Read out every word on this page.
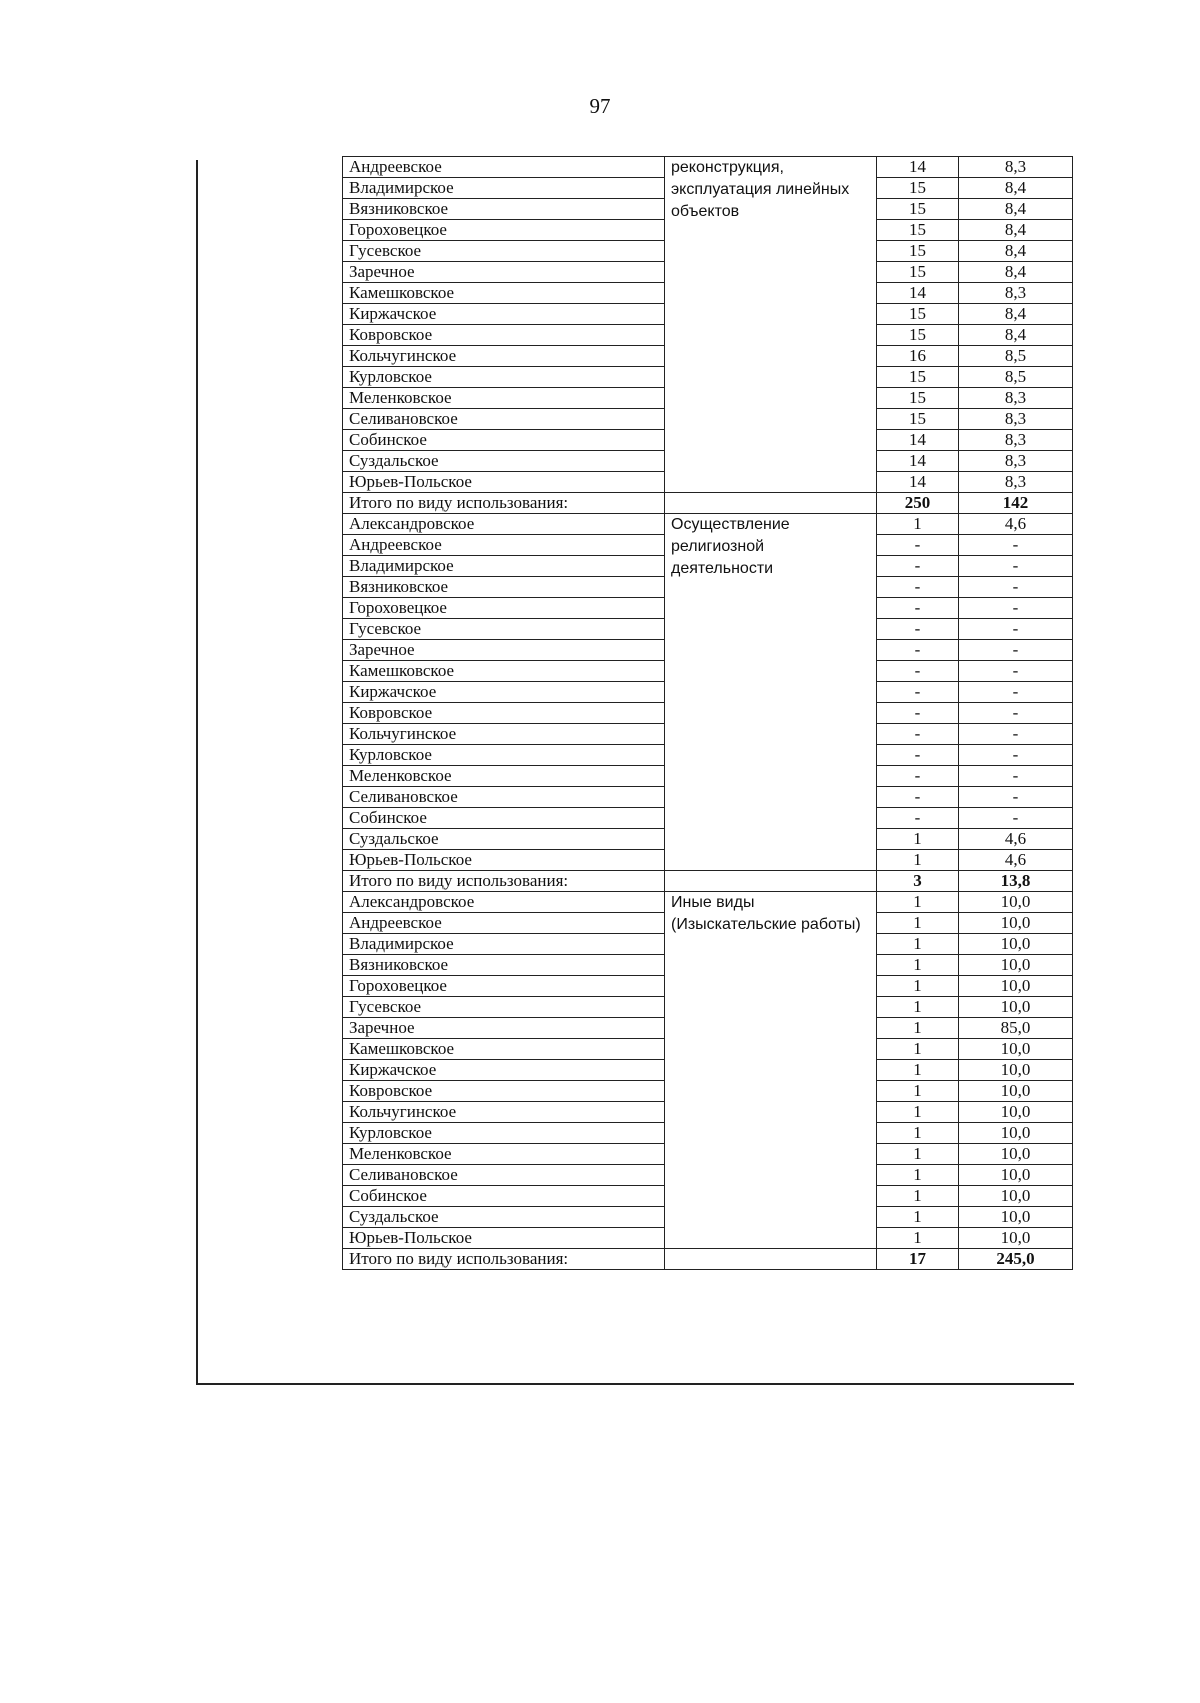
97
Андреевское	реконструкция, эксплуатация линейных объектов	14	8,3
Владимирское		15	8,4
Вязниковское		15	8,4
Гороховецкое		15	8,4
Гусевское		15	8,4
Заречное		15	8,4
Камешковское		14	8,3
Киржачское		15	8,4
Ковровское		15	8,4
Кольчугинское		16	8,5
Курловское		15	8,5
Меленковское		15	8,3
Селивановское		15	8,3
Собинское		14	8,3
Суздальское		14	8,3
Юрьев-Польское		14	8,3
Итого по виду использования:		250	142
Александровское	Осуществление религиозной деятельности	1	4,6
Андреевское		-	-
Владимирское		-	-
Вязниковское		-	-
Гороховецкое		-	-
Гусевское		-	-
Заречное		-	-
Камешковское		-	-
Киржачское		-	-
Ковровское		-	-
Кольчугинское		-	-
Курловское		-	-
Меленковское		-	-
Селивановское		-	-
Собинское		-	-
Суздальское		1	4,6
Юрьев-Польское		1	4,6
Итого по виду использования:		3	13,8
Александровское	Иные виды (Изыскательские работы)	1	10,0
Андреевское		1	10,0
Владимирское		1	10,0
Вязниковское		1	10,0
Гороховецкое		1	10,0
Гусевское		1	10,0
Заречное		1	85,0
Камешковское		1	10,0
Киржачское		1	10,0
Ковровское		1	10,0
Кольчугинское		1	10,0
Курловское		1	10,0
Меленковское		1	10,0
Селивановское		1	10,0
Собинское		1	10,0
Суздальское		1	10,0
Юрьев-Польское		1	10,0
Итого по виду использования:		17	245,0
